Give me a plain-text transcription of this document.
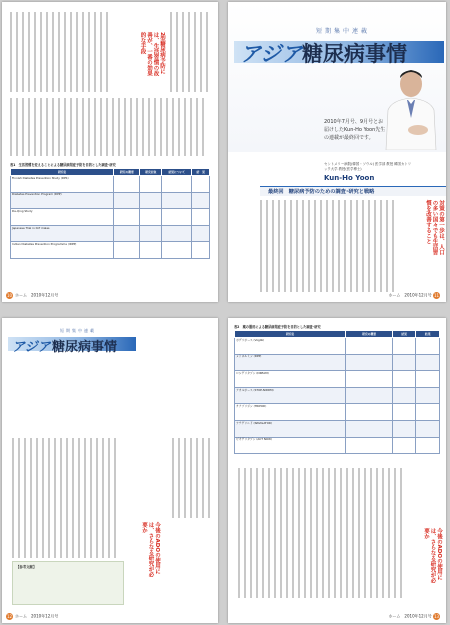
2型糖尿病予防には、生活習慣の改善が、一番の効果的な手段
表1　生活習慣を変えることによる糖尿病発症予防を目的とした調査･研究
研究名	研究の概要	研究対象	結果について	結　果
Finnish Diabetes Prevention Study (DPS)				
Diabetes Prevention Program (DPP)				
Da-Qing Study				
Japanese Trial in IGT males				
Indian Diabetes Prevention Programme (IDPP)				
10 ホーム　2010年12月号
短期集中連載
アジア 糖尿病事情
2010年7月号、9月号とお届けしたKun-Ho Yoon先生の連載が最終回です。
セントメリー病院(韓国・ソウル) 医学部 教授 韓国カトリック大学 教授(医学博士)
Kun-Ho Yoon
最終回　糖尿病予防のための調査･研究と戦略
対策の第一歩は、人口の多い国々でも生活習慣を改善すること
ホーム　2010年12月号 11
短期集中連載
アジア 糖尿病事情
今後のADOの使用には、さらなる研究が必要か
【参考文献】
12 ホーム　2010年12月号
表2　薬の服用による糖尿病発症予防を目的とした調査･研究
研究名	研究の概要	結果	結果
ボグリボース (Voglib)			
メトホルミン (DPP)			
ロシグリタゾン (DREAM)			
アカルボース (STOP-NIDDM)			
チアゾリジン (TRIPOD)			
ナテグリニド (NAVIGATOR)			
ピオグリタゾン (ACT NOW)			
今後のADOの使用には、さらなる研究が必要か
ホーム　2010年12月号 13
